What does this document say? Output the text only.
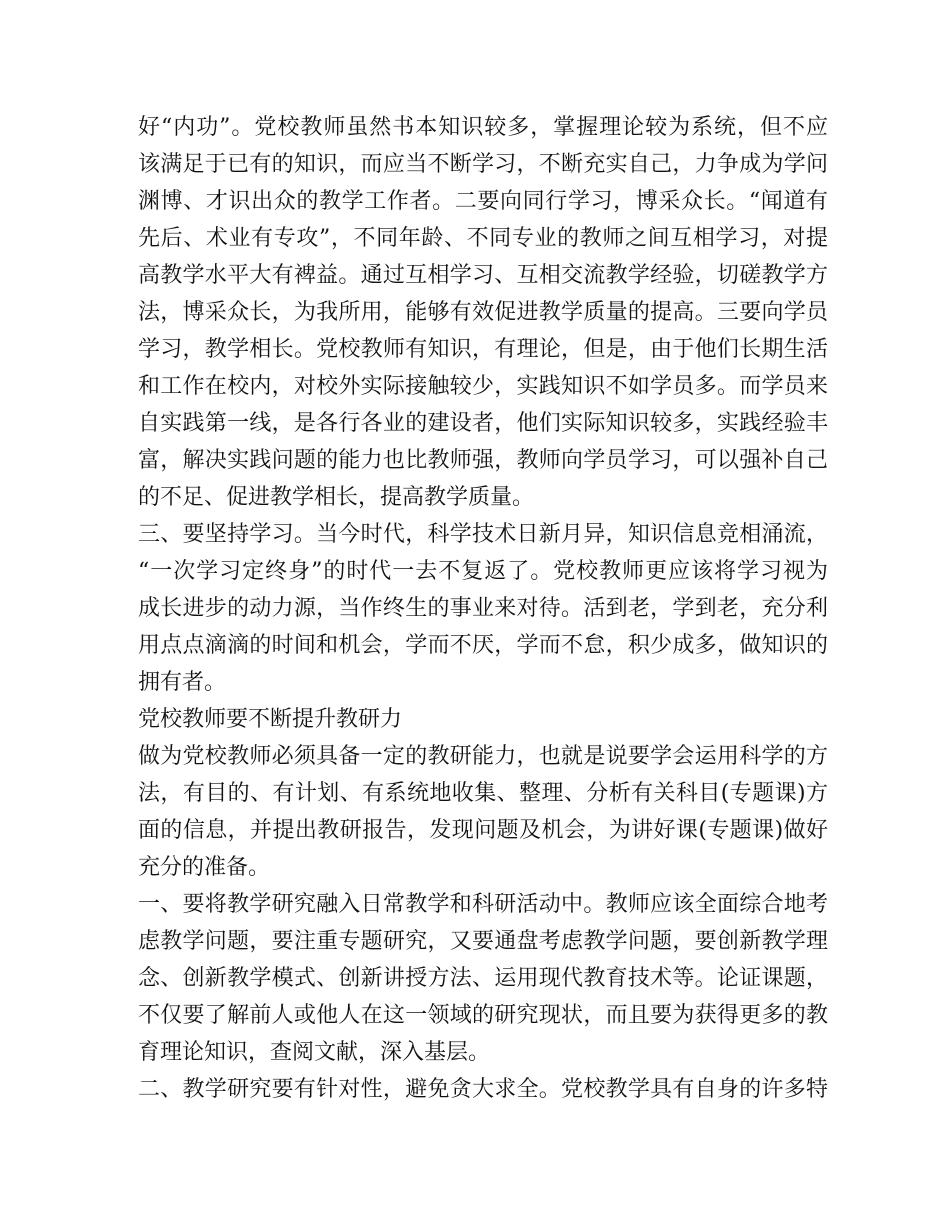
好“内功”。党校教师虽然书本知识较多，掌握理论较为系统，但不应
该满足于已有的知识，而应当不断学习，不断充实自己，力争成为学问
渊博、才识出众的教学工作者。二要向同行学习，博采众长。“闻道有
先后、术业有专攻”，不同年龄、不同专业的教师之间互相学习，对提
高教学水平大有裨益。通过互相学习、互相交流教学经验，切磋教学方
法，博采众长，为我所用，能够有效促进教学质量的提高。三要向学员
学习，教学相长。党校教师有知识，有理论，但是，由于他们长期生活
和工作在校内，对校外实际接触较少，实践知识不如学员多。而学员来
自实践第一线，是各行各业的建设者，他们实际知识较多，实践经验丰
富，解决实践问题的能力也比教师强，教师向学员学习，可以强补自己
的不足、促进教学相长，提高教学质量。
三、要坚持学习。当今时代，科学技术日新月异，知识信息竞相涌流，
“一次学习定终身”的时代一去不复返了。党校教师更应该将学习视为
成长进步的动力源，当作终生的事业来对待。活到老，学到老，充分利
用点点滴滴的时间和机会，学而不厌，学而不怠，积少成多，做知识的
拥有者。
党校教师要不断提升教研力
做为党校教师必须具备一定的教研能力，也就是说要学会运用科学的方
法，有目的、有计划、有系统地收集、整理、分析有关科目(专题课)方
面的信息，并提出教研报告，发现问题及机会，为讲好课(专题课)做好
充分的准备。
一、要将教学研究融入日常教学和科研活动中。教师应该全面综合地考
虑教学问题，要注重专题研究，又要通盘考虑教学问题，要创新教学理
念、创新教学模式、创新讲授方法、运用现代教育技术等。论证课题，
不仅要了解前人或他人在这一领域的研究现状，而且要为获得更多的教
育理论知识，查阅文献，深入基层。
二、教学研究要有针对性，避免贪大求全。党校教学具有自身的许多特
